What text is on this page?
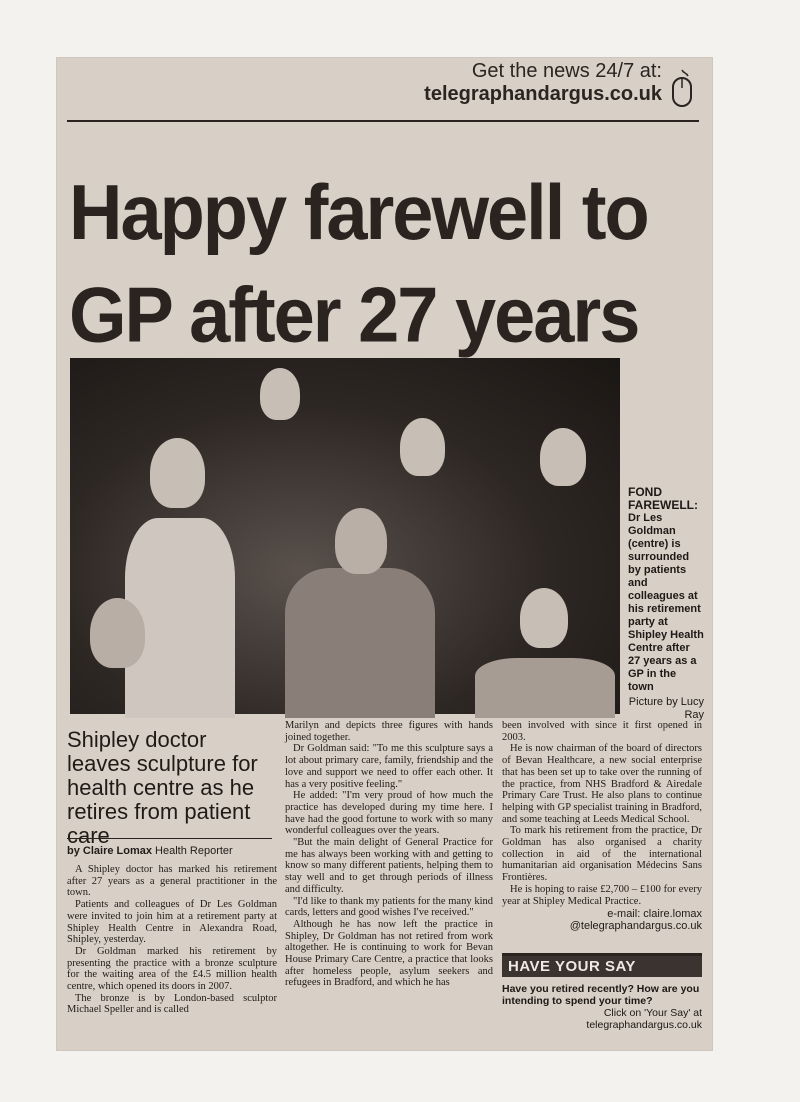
Get the news 24/7 at:
telegraphandargus.co.uk
Happy farewell to
GP after 27 years
FOND FAREWELL:
Dr Les Goldman (centre) is surrounded by patients and colleagues at his retirement party at Shipley Health Centre after 27 years as a GP in the town
Picture by Lucy Ray
Shipley doctor leaves sculpture for health centre as he retires from patient care
by Claire Lomax Health Reporter

A Shipley doctor has marked his retirement after 27 years as a general practitioner in the town.

Patients and colleagues of Dr Les Goldman were invited to join him at a retirement party at Shipley Health Centre in Alexandra Road, Shipley, yesterday.

Dr Goldman marked his retirement by presenting the practice with a bronze sculpture for the waiting area of the £4.5 million health centre, which opened its doors in 2007.

The bronze is by London-based sculptor Michael Speller and is called

Marilyn and depicts three figures with hands joined together.

Dr Goldman said: "To me this sculpture says a lot about primary care, family, friendship and the love and support we need to offer each other. It has a very positive feeling."

He added: "I'm very proud of how much the practice has developed during my time here. I have had the good fortune to work with so many wonderful colleagues over the years.

"But the main delight of General Practice for me has always been working with and getting to know so many different patients, helping them to stay well and to get through periods of illness and difficulty.

"I'd like to thank my patients for the many kind cards, letters and good wishes I've received."

Although he has now left the practice in Shipley, Dr Goldman has not retired from work altogether. He is continuing to work for Bevan House Primary Care Centre, a practice that looks after homeless people, asylum seekers and refugees in Bradford, and which he has

been involved with since it first opened in 2003.

He is now chairman of the board of directors of Bevan Healthcare, a new social enterprise that has been set up to take over the running of the practice, from NHS Bradford & Airedale Primary Care Trust. He also plans to continue helping with GP specialist training in Bradford, and some teaching at Leeds Medical School.

To mark his retirement from the practice, Dr Goldman has also organised a charity collection in aid of the international humanitarian aid organisation Médecins Sans Frontières.

He is hoping to raise £2,700 – £100 for every year at Shipley Medical Practice.

e-mail: claire.lomax
@telegraphandargus.co.uk
HAVE YOUR SAY
Have you retired recently? How are you intending to spend your time?
Click on 'Your Say' at telegraphandargus.co.uk
